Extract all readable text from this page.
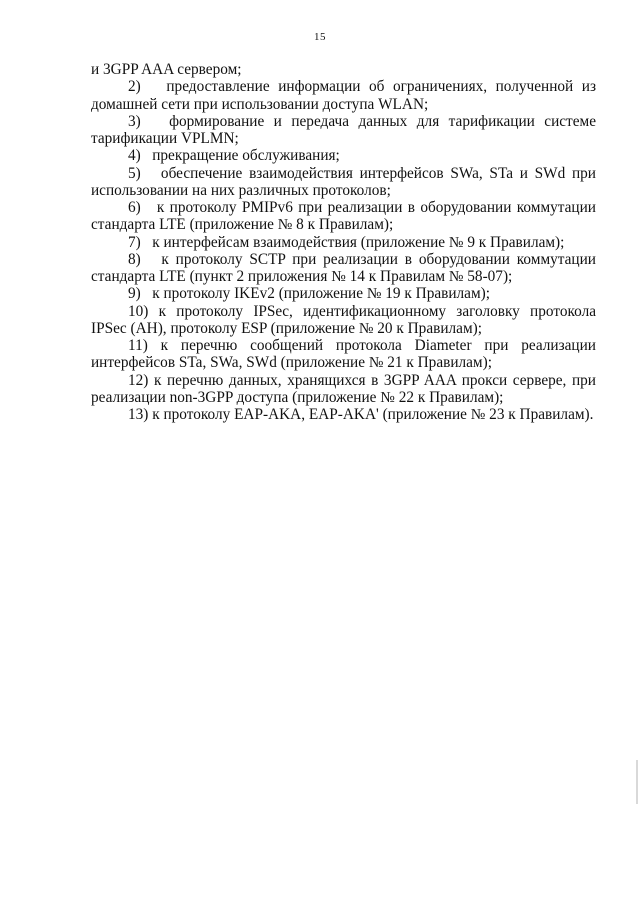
15

и 3GPP AAA сервером;

2)   предоставление информации об ограничениях, полученной из домашней сети при использовании доступа WLAN;

3)   формирование и передача данных для тарификации системе тарификации VPLMN;

4)   прекращение обслуживания;

5)   обеспечение взаимодействия интерфейсов SWa, STa и SWd при использовании на них различных протоколов;

6)   к протоколу PMIPv6 при реализации в оборудовании коммутации стандарта LTE (приложение № 8 к Правилам);

7)   к интерфейсам взаимодействия (приложение № 9 к Правилам);

8)   к протоколу SCTP при реализации в оборудовании коммутации стандарта LTE (пункт 2 приложения № 14 к Правилам № 58-07);

9)   к протоколу IKEv2 (приложение № 19 к Правилам);

10) к протоколу IPSec, идентификационному заголовку протокола IPSec (AH), протоколу ESP (приложение № 20 к Правилам);

11) к перечню сообщений протокола Diameter при реализации интерфейсов STa, SWa, SWd (приложение № 21 к Правилам);

12) к перечню данных, хранящихся в 3GPP AAA прокси сервере, при реализации non-3GPP доступа (приложение № 22 к Правилам);

13) к протоколу EAP-AKA, EAP-AKA' (приложение № 23 к Правилам).
